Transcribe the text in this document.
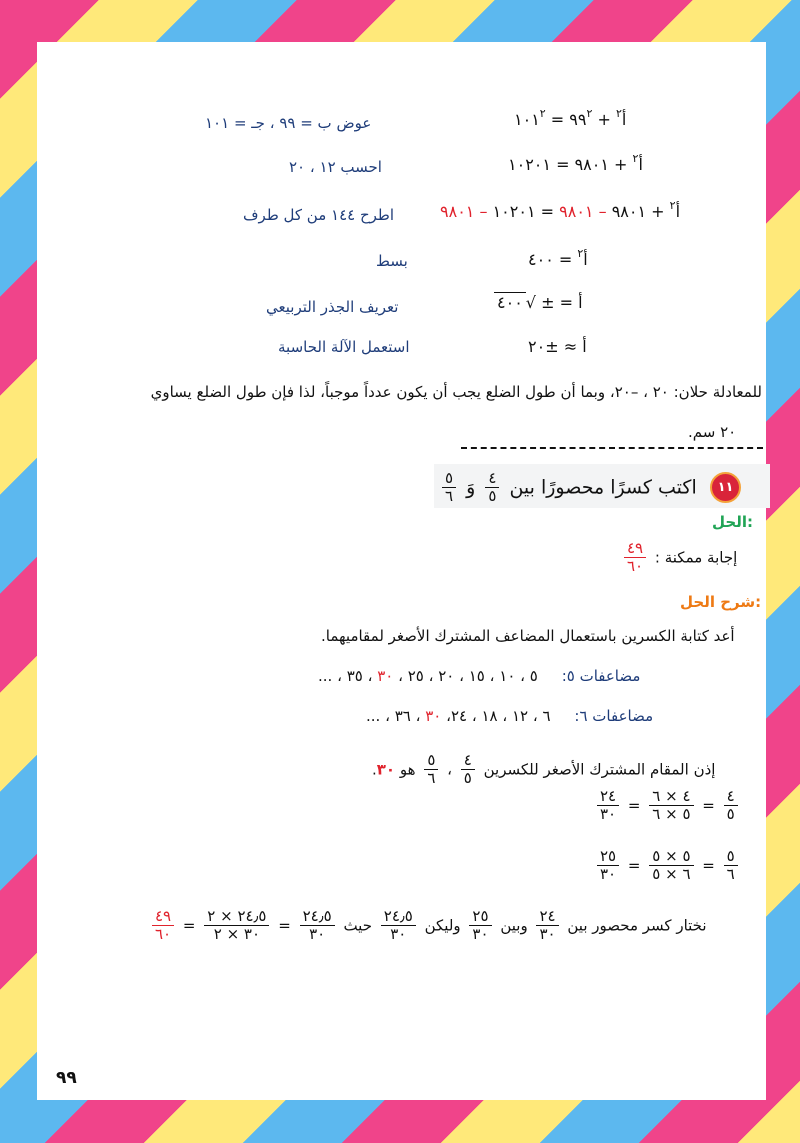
عوض ب = ٩٩ ، جـ = ١٠١
احسب ١٢ ، ٢٠
اطرح ١٤٤ من كل طرف
بسط
تعريف الجذر التربيعي
استعمل الآلة الحاسبة
أ$^٢$ + $٩٩^٢$ = $١٠١^٢$
أ$^٢$ + ٩٨٠١ = ١٠٢٠١
أ$^٢$ + ٩٨٠١ – ٩٨٠١ = ١٠٢٠١ – ٩٨٠١
أ$^٢$ = ٤٠٠
أ = ± √٤٠٠
أ ≈ ±٢٠
للمعادلة حلان: ٢٠ ، –٢٠، وبما أن طول الضلع يجب أن يكون عدداً موجباً، لذا فإن طول الضلع يساوي
٢٠ سم.
١١
اكتب كسرًا محصورًا بين
$\frac{٤}{٥}$
وَ
$\frac{٥}{٦}$
الحل:
إجابة ممكنة :
$\frac{٤٩}{٦٠}$
شرح الحل:
أعد كتابة الكسرين باستعمال المضاعف المشترك الأصغر لمقاميهما.
مضاعفات ٥:     ٥ ، ١٠ ، ١٥ ، ٢٠ ، ٢٥ ، ٣٠ ، ٣٥ ، ...
مضاعفات ٦:     ٦ ، ١٢ ، ١٨ ، ٢٤، ٣٠ ، ٣٦ ، ...
إذن المقام المشترك الأصغر للكسرين
$\frac{٤}{٥}$
،
$\frac{٥}{٦}$
هو ٣٠.
$\frac{٤}{٥}$
=
$\frac{٤ \times ٦}{٥ \times ٦}$
=
$\frac{٢٤}{٣٠}$
$\frac{٥}{٦}$
=
$\frac{٥ \times ٥}{٦ \times ٥}$
=
$\frac{٢٥}{٣٠}$
نختار كسر محصور بين
$\frac{٢٤}{٣٠}$
وبين
$\frac{٢٥}{٣٠}$
وليكن
$\frac{٢٤٫٥}{٣٠}$
حيث
$\frac{٢٤٫٥}{٣٠}$
=
$\frac{٢٤٫٥ \times ٢}{٣٠ \times ٢}$
=
$\frac{٤٩}{٦٠}$
٩٩
